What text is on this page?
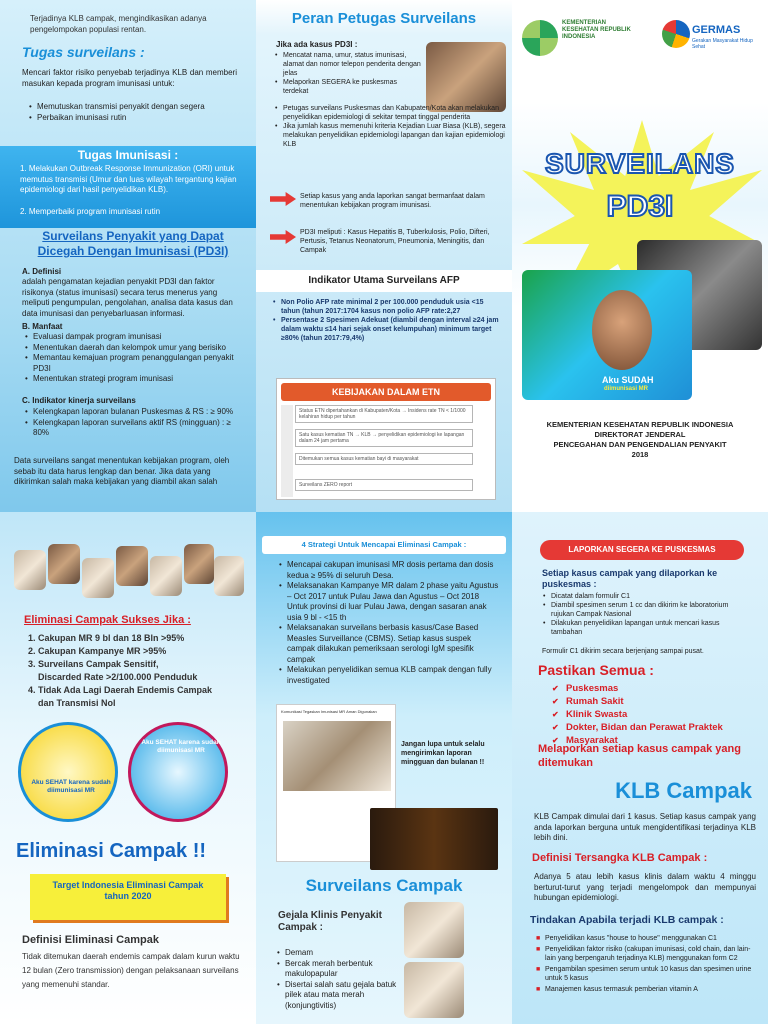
Terjadinya KLB campak, mengindikasikan adanya pengelompokan populasi rentan.
Tugas surveilans :
Mencari faktor risiko penyebab terjadinya KLB dan memberi masukan kepada program imunisasi untuk:
• Memutuskan transmisi penyakit dengan segera
• Perbaikan imunisasi rutin
Tugas Imunisasi :
1. Melakukan Outbreak Response Immunization (ORI) untuk memutus transmisi (Umur dan luas wilayah tergantung kajian epidemiologi dari hasil penyelidikan KLB).
2. Memperbaiki program imunisasi rutin
Surveilans Penyakit yang Dapat Dicegah Dengan Imunisasi (PD3I)
A. Definisi
adalah pengamatan kejadian penyakit PD3I dan faktor risikonya (status imunisasi) secara terus menerus yang meliputi pengumpulan, pengolahan, analisa data kasus dan data imunisasi dan penyebarluasan informasi.
B. Manfaat
• Evaluasi dampak program imunisasi
• Menentukan daerah dan kelompok umur yang berisiko
• Memantau kemajuan program penanggulangan penyakit PD3I
• Menentukan strategi program imunisasi
C. Indikator kinerja surveilans
• Kelengkapan laporan bulanan Puskesmas & RS : ≥ 90%
• Kelengkapan laporan surveilans aktif RS (mingguan) : ≥ 80%
Data surveilans sangat menentukan kebijakan program, oleh sebab itu data harus lengkap dan benar. Jika data yang dikirimkan salah maka kebijakan yang diambil akan salah
Peran Petugas Surveilans
Jika ada kasus PD3I :
• Mencatat nama, umur, status imunisasi, alamat dan nomor telepon penderita dengan jelas
• Melaporkan SEGERA ke puskesmas terdekat
• Petugas surveilans Puskesmas dan Kabupaten/Kota akan melakukan penyelidikan epidemiologi di sekitar tempat tinggal penderita
• Jika jumlah kasus memenuhi kriteria Kejadian Luar Biasa (KLB), segera melakukan penyelidikan epidemiologi lapangan dan kajian epidemiologi KLB
Setiap kasus yang anda laporkan sangat bermanfaat dalam menentukan kebijakan program imunisasi.
PD3I meliputi : Kasus Hepatitis B, Tuberkulosis, Polio, Difteri, Pertusis, Tetanus Neonatorum, Pneumonia, Meningitis, dan Campak
Indikator Utama Surveilans AFP
• Non Polio AFP rate minimal 2 per 100.000 penduduk usia <15 tahun (tahun 2017:1704 kasus non polio AFP rate:2,27
• Persentase 2 Spesimen Adekuat (diambil dengan interval ≥24 jam dalam waktu ≤14 hari sejak onset kelumpuhan) minimum target ≥80% (tahun 2017:79,4%)
KEBIJAKAN DALAM ETN
Status ETN dipertahankan di Kabupaten/Kota → Insidens rate TN < 1/1000 kelahiran hidup per tahun
Satu kasus kematian TN → KLB → penyelidikan epidemiologi ke lapangan dalam 24 jam pertama
Ditemukan semua kasus kematian bayi di masyarakat
Surveilans ZERO report
KEMENTERIAN KESEHATAN REPUBLIK INDONESIA
GERMAS
Gerakan Masyarakat Hidup Sehat
SURVEILANS
PD3I
Aku SUDAH
diimunisasi MR
KEMENTERIAN KESEHATAN REPUBLIK INDONESIA
DIREKTORAT JENDERAL
PENCEGAHAN DAN PENGENDALIAN PENYAKIT
2018
Eliminasi Campak Sukses Jika :
1. Cakupan MR 9 bl dan 18 Bln >95%
2. Cakupan Kampanye MR >95%
3. Surveilans Campak Sensitif,
Discarded Rate >2/100.000 Penduduk
4. Tidak Ada Lagi Daerah Endemis Campak
dan Transmisi Nol
Aku SEHAT karena sudah diimunisasi MR
Aku SEHAT karena sudah diimunisasi MR
Eliminasi Campak !!
Target Indonesia Eliminasi Campak tahun 2020
Definisi Eliminasi Campak
Tidak ditemukan daerah endemis campak dalam kurun waktu 12 bulan (Zero transmission) dengan pelaksanaan surveilans yang memenuhi standar.
4 Strategi Untuk Mencapai Eliminasi Campak :
• Mencapai cakupan imunisasi MR dosis pertama dan dosis kedua ≥ 95% di seluruh Desa.
• Melaksanakan Kampanye MR dalam 2 phase yaitu Agustus – Oct 2017 untuk Pulau Jawa dan Agustus – Oct 2018 Untuk provinsi di luar Pulau Jawa, dengan sasaran anak usia 9 bl - <15 th
• Melaksanakan surveilans berbasis kasus/Case Based Measles Surveillance (CBMS). Setiap kasus suspek campak dilakukan pemeriksaan serologi IgM spesifik campak
• Melakukan penyelidikan semua KLB campak dengan fully investigated
Komunikasi Tegaskan Imunisasi MR Aman Digunakan
Jangan lupa untuk selalu mengirimkan laporan mingguan dan bulanan !!
Surveilans Campak
Gejala Klinis Penyakit Campak :
• Demam
• Bercak merah berbentuk makulopapular
• Disertai salah satu gejala batuk pilek atau mata merah (konjungtivitis)
LAPORKAN SEGERA KE PUSKESMAS
Setiap kasus campak yang dilaporkan ke puskesmas :
• Dicatat dalam formulir C1
• Diambil spesimen serum 1 cc dan dikirim ke laboratorium rujukan Campak Nasional
• Dilakukan penyelidikan lapangan untuk mencari kasus tambahan
Formulir C1 dikirim secara berjenjang sampai pusat.
Pastikan Semua :
✔ Puskesmas
✔ Rumah Sakit
✔ Klinik Swasta
✔ Dokter, Bidan dan Perawat Praktek
✔ Masyarakat
Melaporkan setiap kasus campak yang ditemukan
KLB Campak
KLB Campak dimulai dari 1 kasus. Setiap kasus campak yang anda laporkan berguna untuk mengidentifikasi terjadinya KLB lebih dini.
Definisi Tersangka KLB Campak :
Adanya 5 atau lebih kasus klinis dalam waktu 4 minggu berturut-turut yang terjadi mengelompok dan mempunyai hubungan epidemiologi.
Tindakan Apabila terjadi KLB campak :
■ Penyelidikan kasus "house to house" menggunakan C1
■ Penyelidikan faktor risiko (cakupan imunisasi, cold chain, dan lain-lain yang berpengaruh terjadinya KLB) menggunakan form C2
■ Pengambilan spesimen serum untuk 10 kasus dan spesimen urine untuk 5 kasus
■ Manajemen kasus termasuk pemberian vitamin A
